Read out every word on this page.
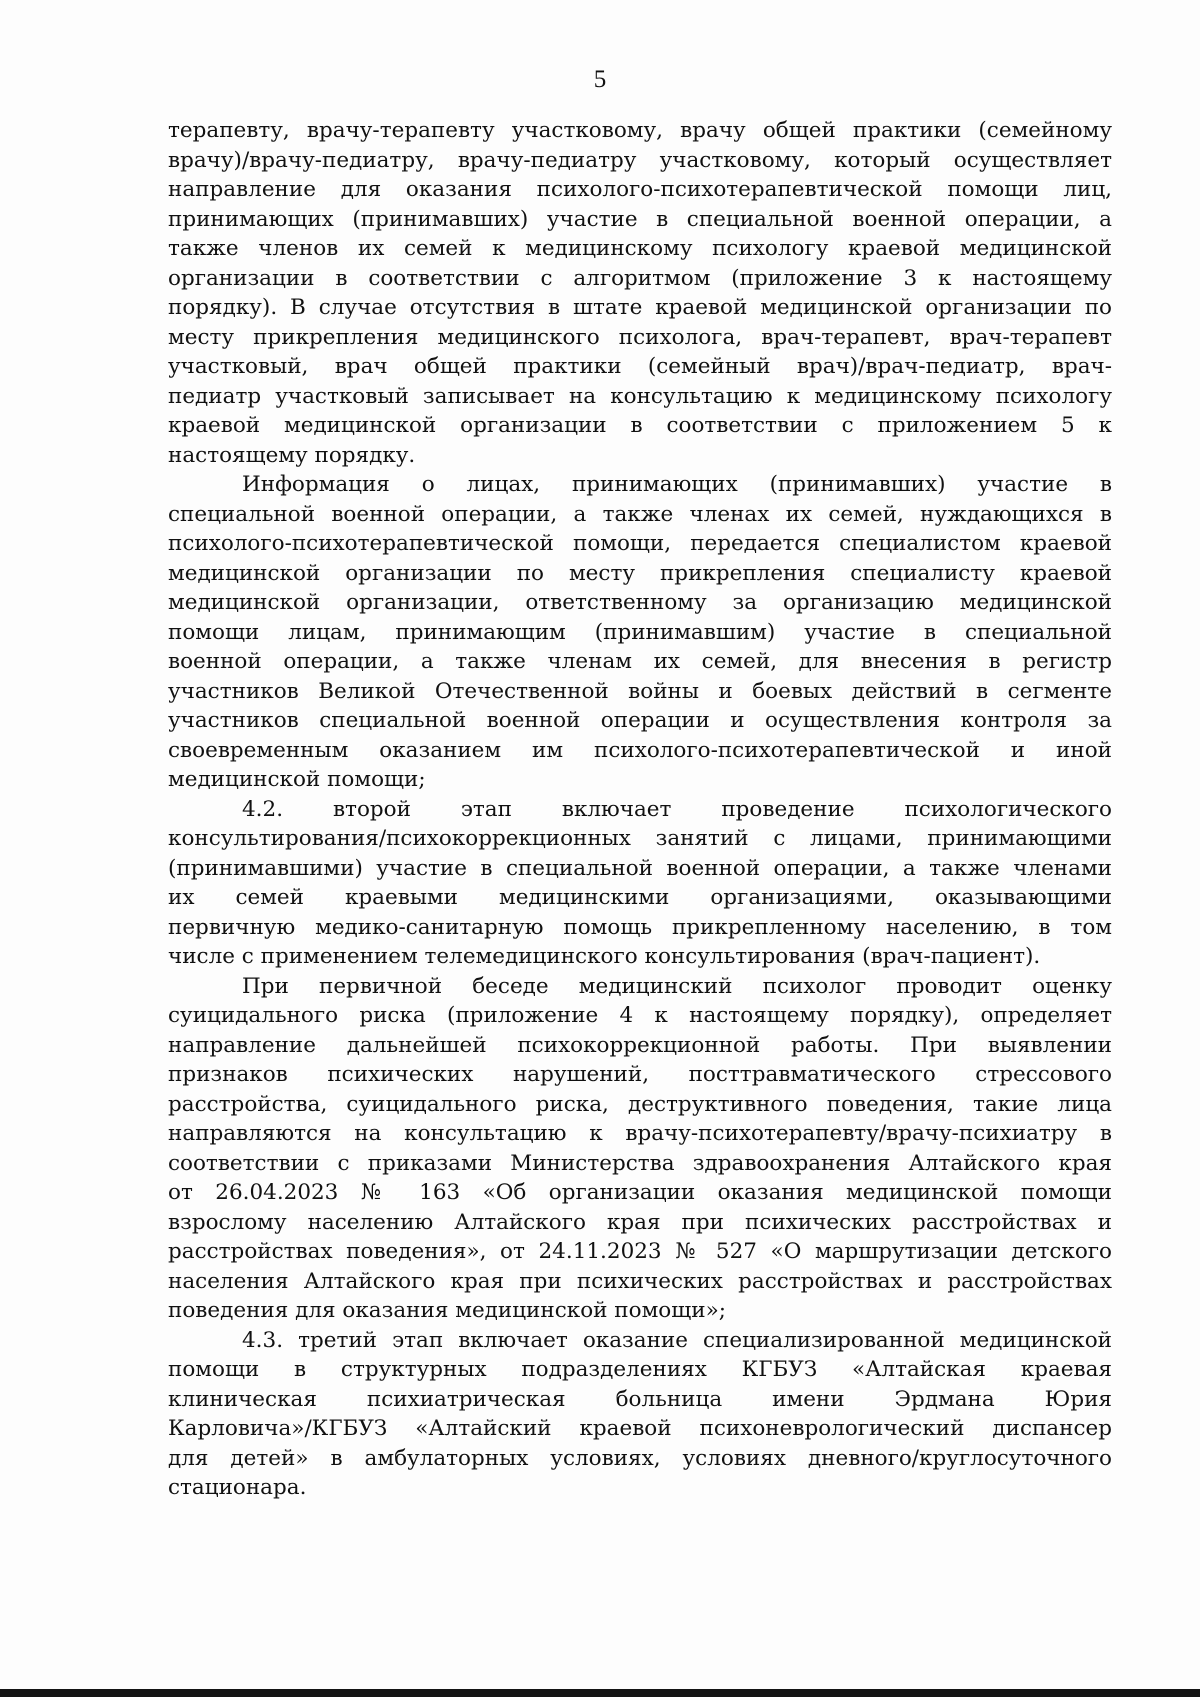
5
терапевту, врачу-терапевту участковому, врачу общей практики (семейному
врачу)/врачу-педиатру, врачу-педиатру участковому, который осуществляет
направление для оказания психолого-психотерапевтической помощи лиц,
принимающих (принимавших) участие в специальной военной операции, а
также членов их семей к медицинскому психологу краевой медицинской
организации в соответствии с алгоритмом (приложение 3 к настоящему
порядку). В случае отсутствия в штате краевой медицинской организации по
месту прикрепления медицинского психолога, врач-терапевт, врач-терапевт
участковый, врач общей практики (семейный врач)/врач-педиатр, врач-
педиатр участковый записывает на консультацию к медицинскому психологу
краевой медицинской организации в соответствии с приложением 5 к
настоящему порядку.
Информация о лицах, принимающих (принимавших) участие в
специальной военной операции, а также членах их семей, нуждающихся в
психолого-психотерапевтической помощи, передается специалистом краевой
медицинской организации по месту прикрепления специалисту краевой
медицинской организации, ответственному за организацию медицинской
помощи лицам, принимающим (принимавшим) участие в специальной
военной операции, а также членам их семей, для внесения в регистр
участников Великой Отечественной войны и боевых действий в сегменте
участников специальной военной операции и осуществления контроля за
своевременным оказанием им психолого-психотерапевтической и иной
медицинской помощи;
4.2. второй этап включает проведение психологического
консультирования/психокоррекционных занятий с лицами, принимающими
(принимавшими) участие в специальной военной операции, а также членами
их семей краевыми медицинскими организациями, оказывающими
первичную медико-санитарную помощь прикрепленному населению, в том
числе с применением телемедицинского консультирования (врач-пациент).
При первичной беседе медицинский психолог проводит оценку
суицидального риска (приложение 4 к настоящему порядку), определяет
направление дальнейшей психокоррекционной работы. При выявлении
признаков психических нарушений, посттравматического стрессового
расстройства, суицидального риска, деструктивного поведения, такие лица
направляются на консультацию к врачу-психотерапевту/врачу-психиатру в
соответствии с приказами Министерства здравоохранения Алтайского края
от 26.04.2023 № 163 «Об организации оказания медицинской помощи
взрослому населению Алтайского края при психических расстройствах и
расстройствах поведения», от 24.11.2023 № 527 «О маршрутизации детского
населения Алтайского края при психических расстройствах и расстройствах
поведения для оказания медицинской помощи»;
4.3. третий этап включает оказание специализированной медицинской
помощи в структурных подразделениях КГБУЗ «Алтайская краевая
клиническая психиатрическая больница имени Эрдмана Юрия
Карловича»/КГБУЗ «Алтайский краевой психоневрологический диспансер
для детей» в амбулаторных условиях, условиях дневного/круглосуточного
стационара.
